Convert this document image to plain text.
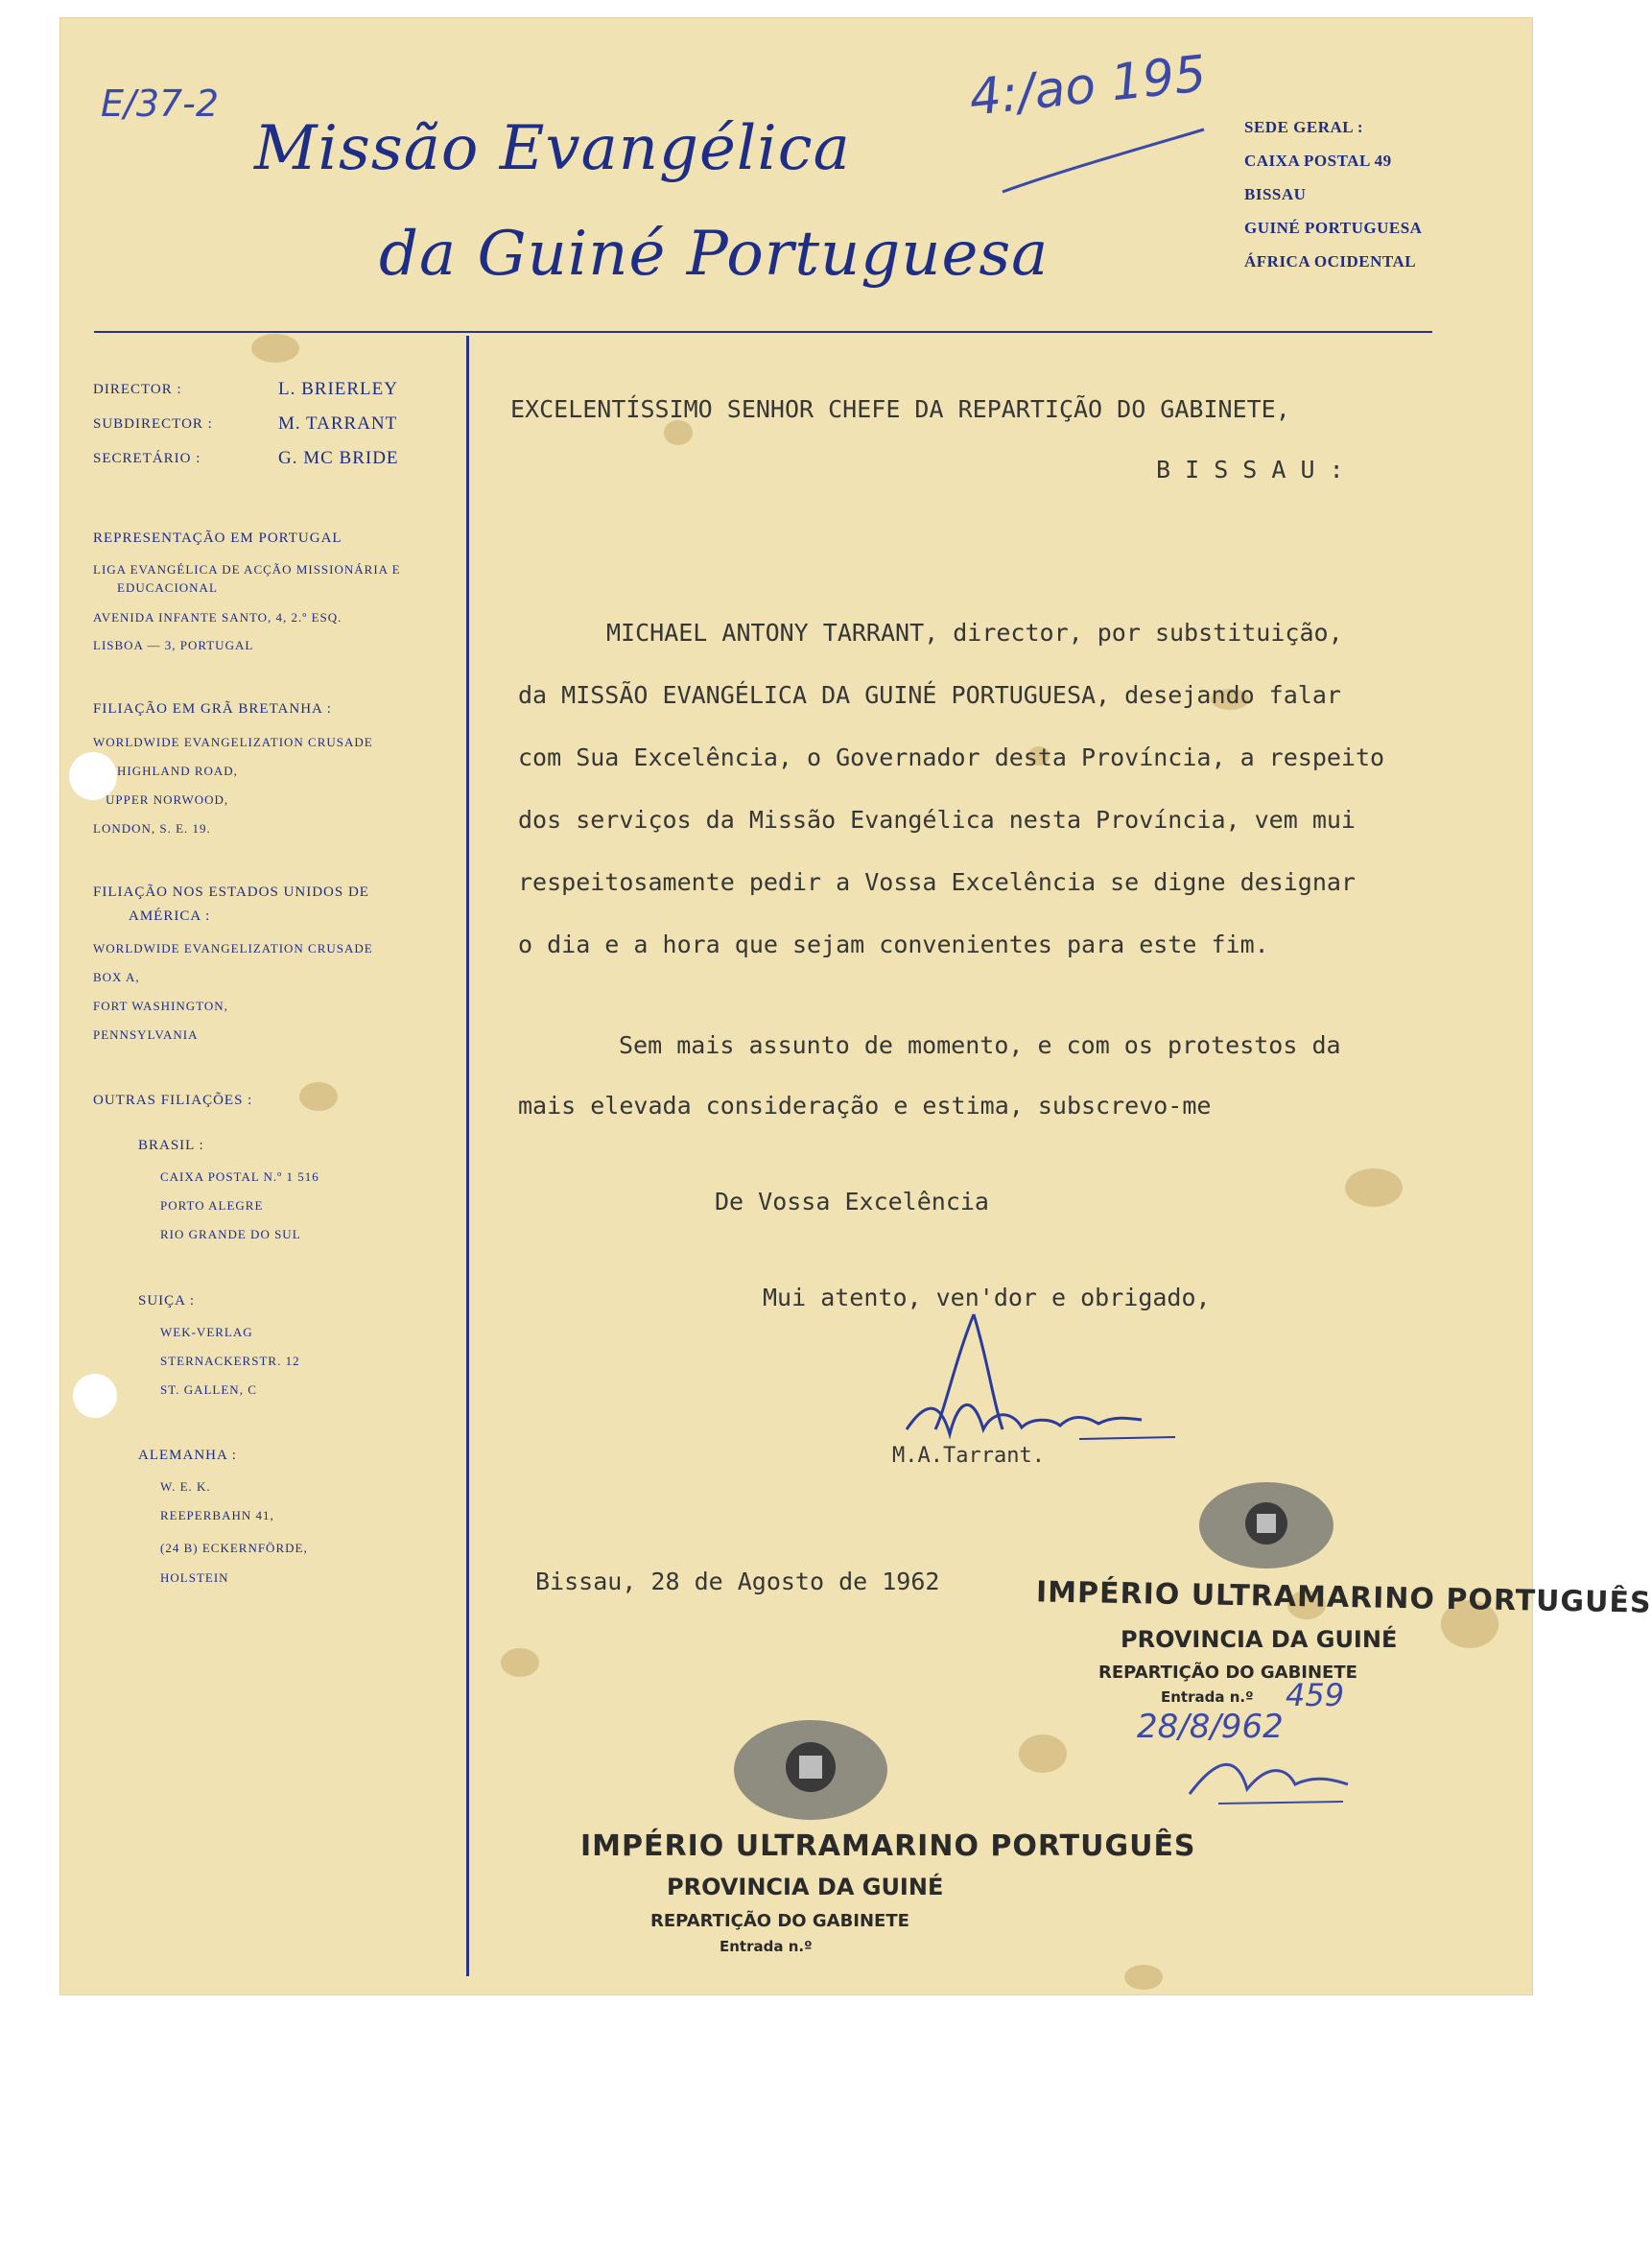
E/37-2	4:/ao 195
Missão Evangélica
da Guiné Portuguesa
SEDE GERAL :
CAIXA POSTAL 49
BISSAU
GUINÉ PORTUGUESA
ÁFRICA OCIDENTAL
DIRECTOR :	L. BRIERLEY
SUBDIRECTOR :	M. TARRANT
SECRETÁRIO :	G. MC BRIDE
REPRESENTAÇÃO EM PORTUGAL
LIGA EVANGÉLICA DE ACÇÃO MISSIONÁRIA E
EDUCACIONAL
AVENIDA INFANTE SANTO, 4, 2.º ESQ.
LISBOA — 3, PORTUGAL
FILIAÇÃO EM GRÃ BRETANHA :
WORLDWIDE EVANGELIZATION CRUSADE
HIGHLAND ROAD,
UPPER NORWOOD,
LONDON, S. E. 19.
FILIAÇÃO NOS ESTADOS UNIDOS DE
AMÉRICA :
WORLDWIDE EVANGELIZATION CRUSADE
BOX A,
FORT WASHINGTON,
PENNSYLVANIA
OUTRAS FILIAÇÕES :
BRASIL :
CAIXA POSTAL N.º 1 516
PORTO ALEGRE
RIO GRANDE DO SUL
SUIÇA :
WEK-VERLAG
STERNACKERSTR. 12
ST. GALLEN, C
ALEMANHA :
W. E. K.
REEPERBAHN 41,
(24 B) ECKERNFÖRDE,
HOLSTEIN
EXCELENTÍSSIMO SENHOR CHEFE DA REPARTIÇÃO DO GABINETE,
B I S S A U :
MICHAEL ANTONY TARRANT, director, por substituição,
da MISSÃO EVANGÉLICA DA GUINÉ PORTUGUESA, desejando falar
com Sua Excelência, o Governador desta Província, a respeito
dos serviços da Missão Evangélica nesta Província, vem mui
respeitosamente pedir a Vossa Excelência se digne designar
o dia e a hora que sejam convenientes para este fim.
Sem mais assunto de momento, e com os protestos da
mais elevada consideração e estima, subscrevo-me
De Vossa Excelência
Mui atento, ven'dor e obrigado,
M.A.Tarrant.
Bissau, 28 de Agosto de 1962	IMPÉRIO ULTRAMARINO PORTUGUÊS
PROVINCIA DA GUINÉ
REPARTIÇÃO DO GABINETE
Entrada n.º 459
28/8/962
IMPÉRIO ULTRAMARINO PORTUGUÊS
PROVINCIA DA GUINÉ
REPARTIÇÃO DO GABINETE
Entrada n.º
